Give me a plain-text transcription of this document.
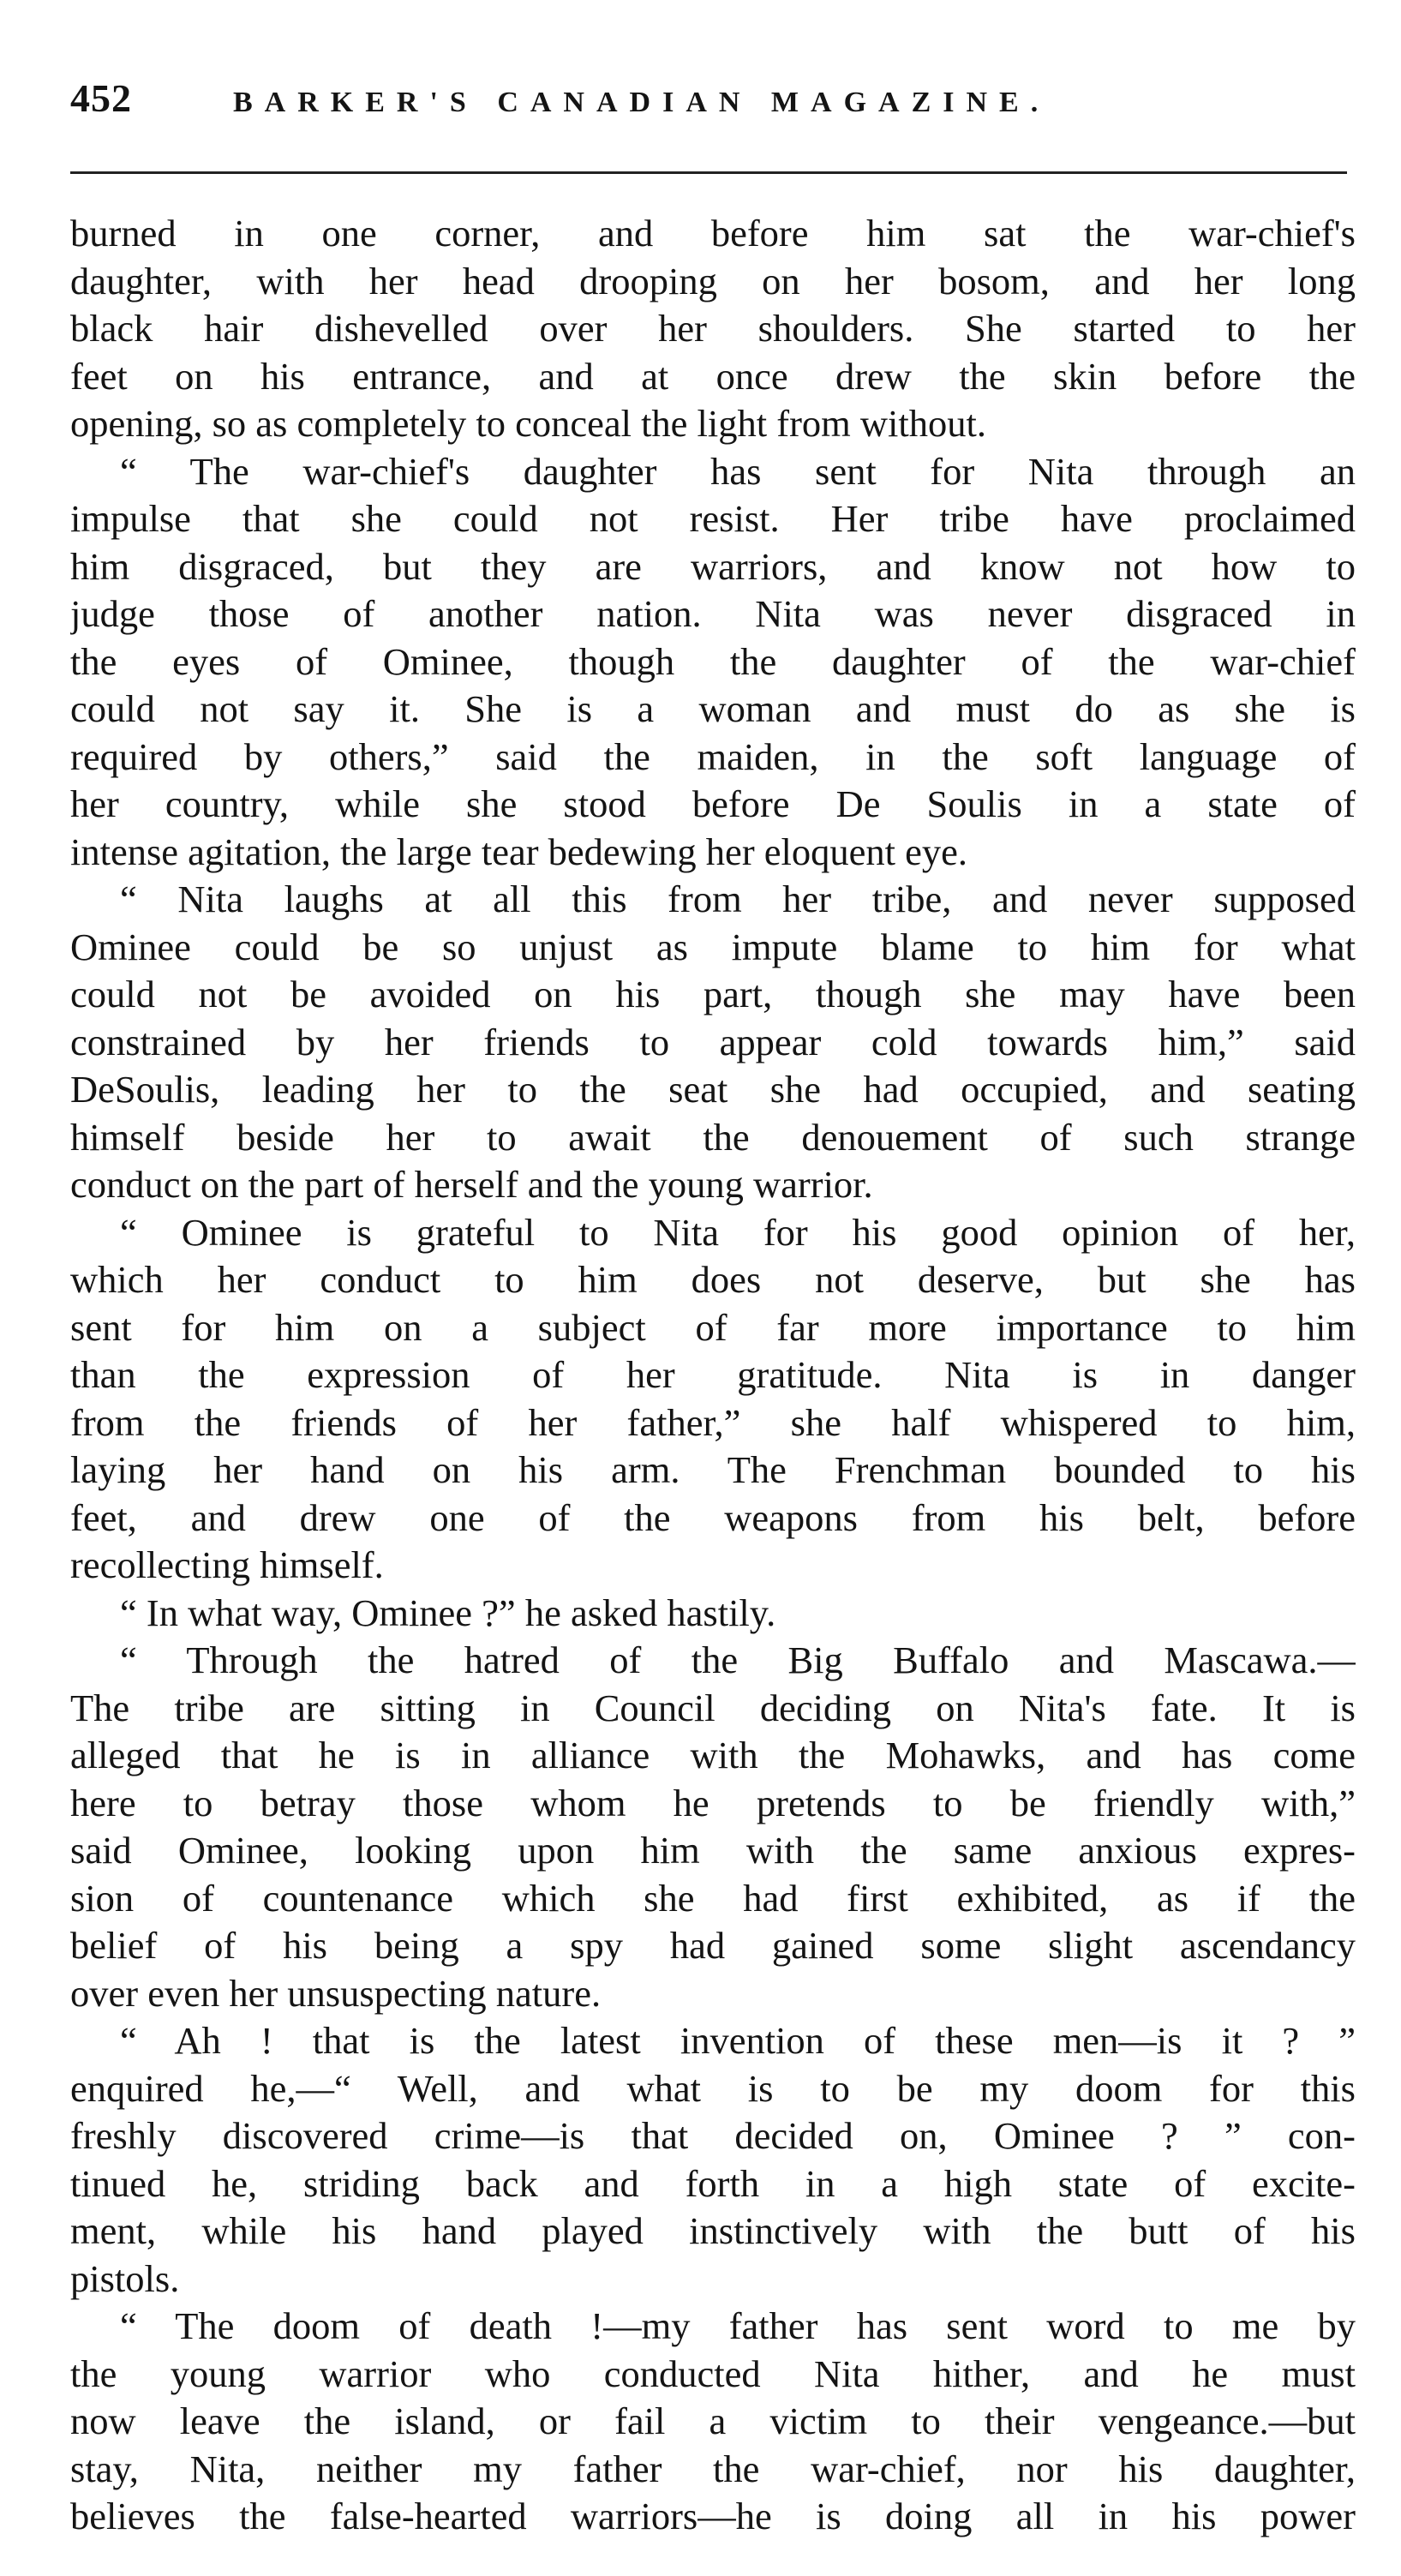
452	BARKER'S CANADIAN MAGAZINE.
burned in one corner, and before him sat the war-chief's
daughter, with her head drooping on her bosom, and her long
black hair dishevelled over her shoulders. She started to her
feet on his entrance, and at once drew the skin before the
opening, so as completely to conceal the light from without.
“ The war-chief's daughter has sent for Nita through an
impulse that she could not resist. Her tribe have proclaimed
him disgraced, but they are warriors, and know not how to
judge those of another nation. Nita was never disgraced in
the eyes of Ominee, though the daughter of the war-chief
could not say it. She is a woman and must do as she is
required by others,” said the maiden, in the soft language of
her country, while she stood before De Soulis in a state of
intense agitation, the large tear bedewing her eloquent eye.
“ Nita laughs at all this from her tribe, and never supposed
Ominee could be so unjust as impute blame to him for what
could not be avoided on his part, though she may have been
constrained by her friends to appear cold towards him,” said
DeSoulis, leading her to the seat she had occupied, and seating
himself beside her to await the denouement of such strange
conduct on the part of herself and the young warrior.
“ Ominee is grateful to Nita for his good opinion of her,
which her conduct to him does not deserve, but she has
sent for him on a subject of far more importance to him
than the expression of her gratitude. Nita is in danger
from the friends of her father,” she half whispered to him,
laying her hand on his arm. The Frenchman bounded to his
feet, and drew one of the weapons from his belt, before
recollecting himself.
“ In what way, Ominee ?” he asked hastily.
“ Through the hatred of the Big Buffalo and Mascawa.—
The tribe are sitting in Council deciding on Nita's fate. It is
alleged that he is in alliance with the Mohawks, and has come
here to betray those whom he pretends to be friendly with,”
said Ominee, looking upon him with the same anxious expres-
sion of countenance which she had first exhibited, as if the
belief of his being a spy had gained some slight ascendancy
over even her unsuspecting nature.
“ Ah ! that is the latest invention of these men—is it ? ”
enquired he,—“ Well, and what is to be my doom for this
freshly discovered crime—is that decided on, Ominee ? ” con-
tinued he, striding back and forth in a high state of excite-
ment, while his hand played instinctively with the butt of his
pistols.
“ The doom of death !—my father has sent word to me by
the young warrior who conducted Nita hither, and he must
now leave the island, or fail a victim to their vengeance.—but
stay, Nita, neither my father the war-chief, nor his daughter,
believes the false-hearted warriors—he is doing all in his power
